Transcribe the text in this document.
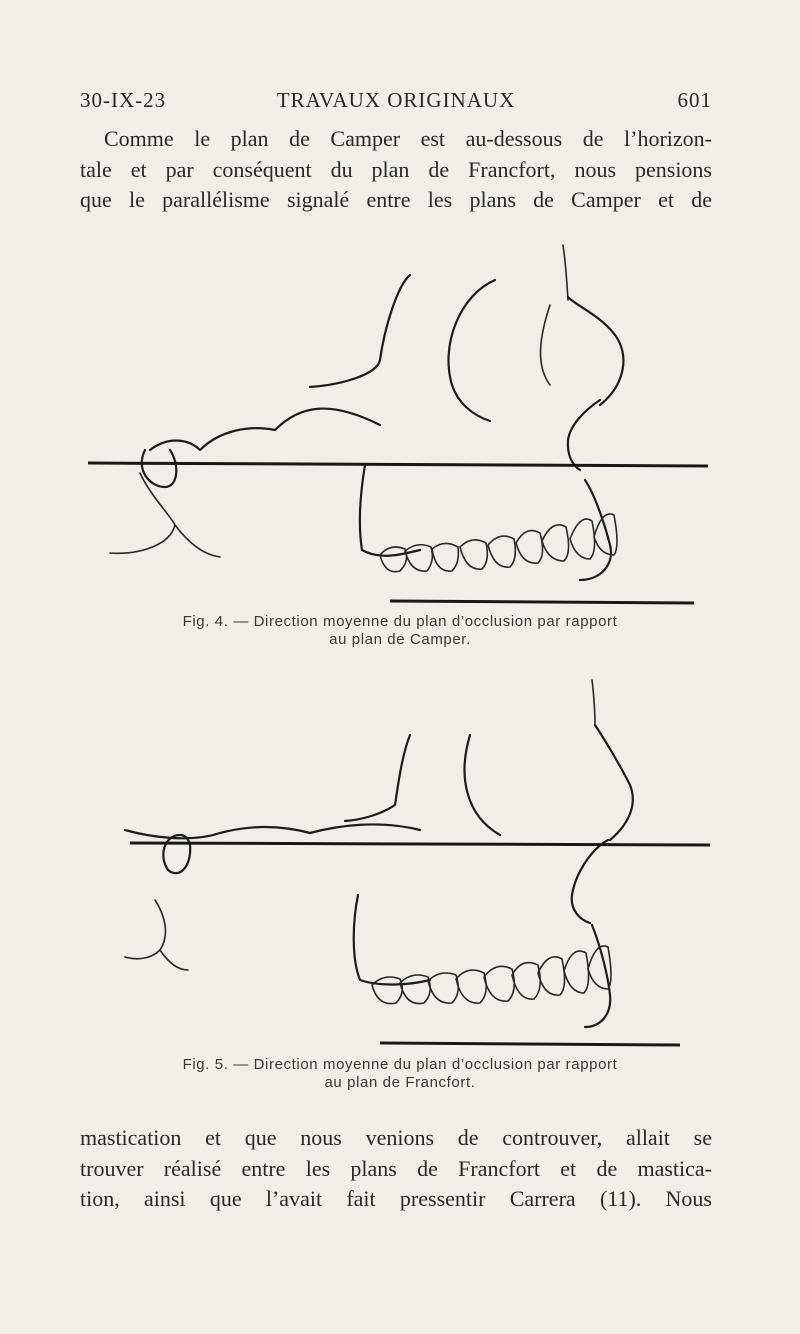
30-IX-23	TRAVAUX ORIGINAUX	601
Comme le plan de Camper est au-dessous de l’horizon-
tale et par conséquent du plan de Francfort, nous pensions
que le parallélisme signalé entre les plans de Camper et de
Fig. 4. — Direction moyenne du plan d’occlusion par rapport
au plan de Camper.
Fig. 5. — Direction moyenne du plan d’occlusion par rapport
au plan de Francfort.
mastication et que nous venions de controuver, allait se
trouver réalisé entre les plans de Francfort et de mastica-
tion, ainsi que l’avait fait pressentir Carrera (11). Nous
